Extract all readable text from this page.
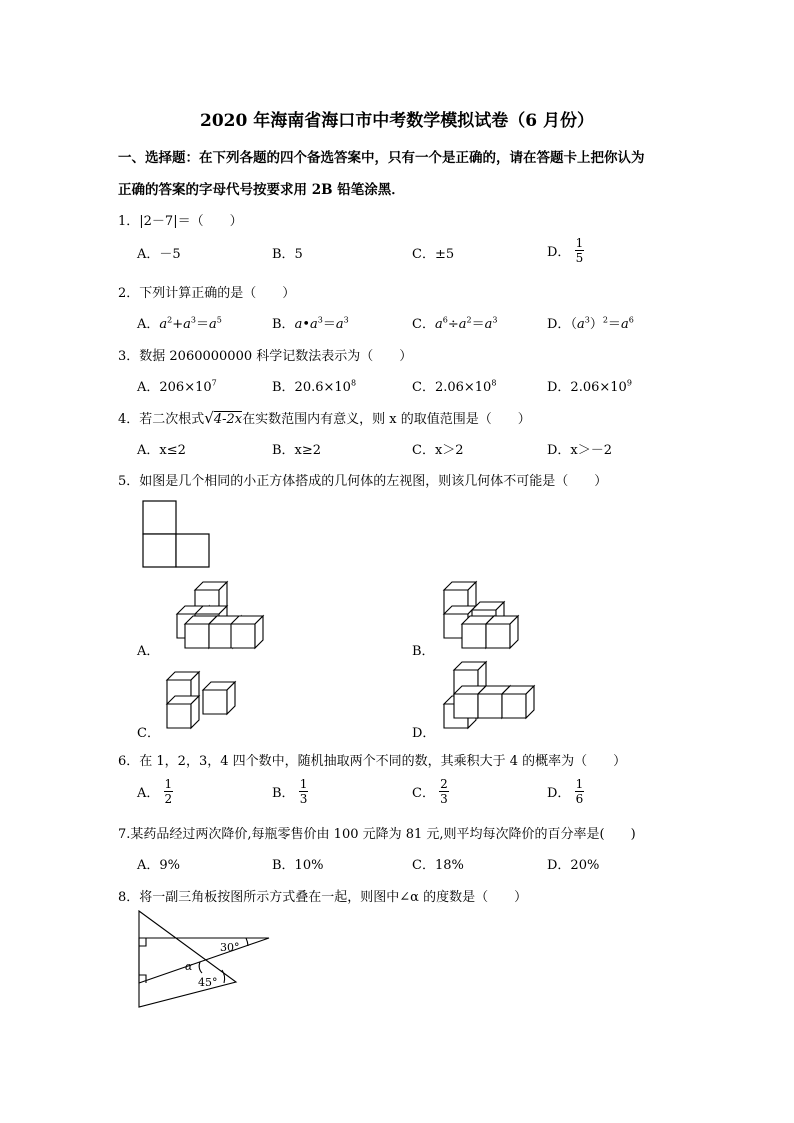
2020 年海南省海口市中考数学模拟试卷（6 月份）
一、选择题：在下列各题的四个备选答案中，只有一个是正确的，请在答题卡上把你认为
正确的答案的字母代号按要求用 2B 铅笔涂黑．
1．|2－7|＝（　　）
A．－5	B．5	C．±5	D． $\frac{1}{5}$
2．下列计算正确的是（　　）
A．$a^2+a^3=a^5$	B．$a•a^3=a^3$	C．$a^6\div a^2=a^3$	D．$(a^3)^2=a^6$
3．数据 2060000000 科学记数法表示为（　　）
A．$206\times 10^7$	B．$20.6\times 10^8$	C．$2.06\times 10^8$	D．$2.06\times 10^9$
4．若二次根式√4-2x在实数范围内有意义，则 x 的取值范围是（　　）
A．x≤2	B．x≥2	C．x＞2	D．x＞－2
5．如图是几个相同的小正方体搭成的几何体的左视图，则该几何体不可能是（　　）
A．	B．
C．	D．
6．在 1，2，3，4 四个数中，随机抽取两个不同的数，其乘积大于 4 的概率为（　　）
A． $\frac{1}{2}$	B． $\frac{1}{3}$	C． $\frac{2}{3}$	D． $\frac{1}{6}$
7.某药品经过两次降价,每瓶零售价由 100 元降为 81 元,则平均每次降价的百分率是(　　)
A．9%	B．10%	C．18%	D．20%
8．将一副三角板按图所示方式叠在一起，则图中∠α 的度数是（　　）
30°
α
45°
